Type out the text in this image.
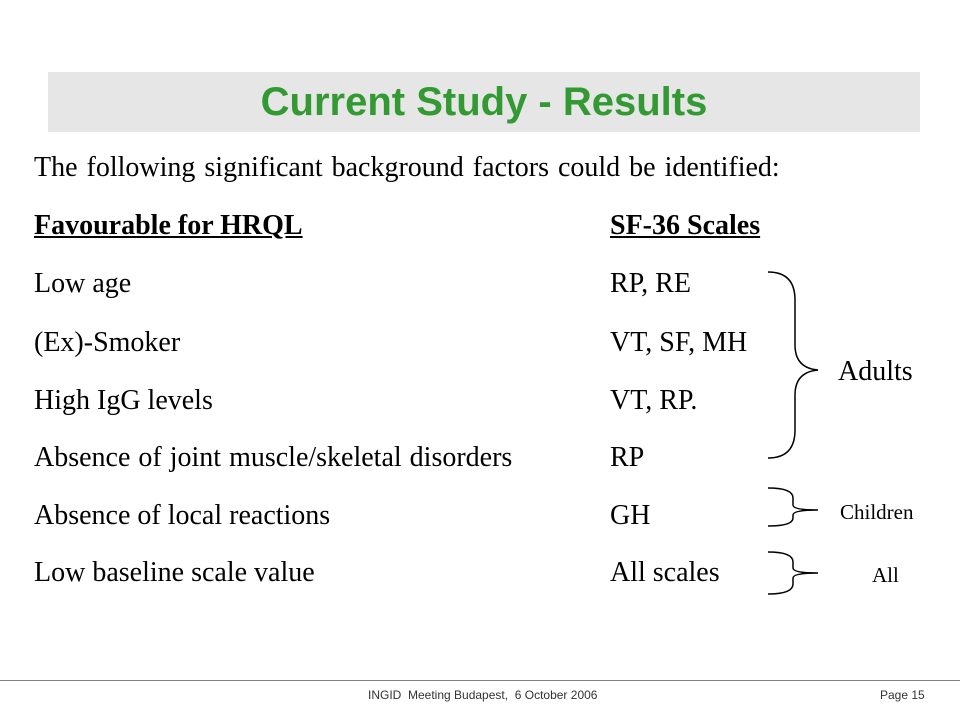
Current Study - Results
The following significant background factors could be identified:
Favourable for HRQL	SF-36 Scales
Low age	RP, RE
(Ex)-Smoker	VT, SF, MH
High IgG levels	VT, RP.
Absence of joint muscle/skeletal disorders	RP
Absence of local reactions	GH
Low baseline scale value	All scales
Adults
Children
All
INGID  Meeting Budapest,  6 October 2006	Page 15
